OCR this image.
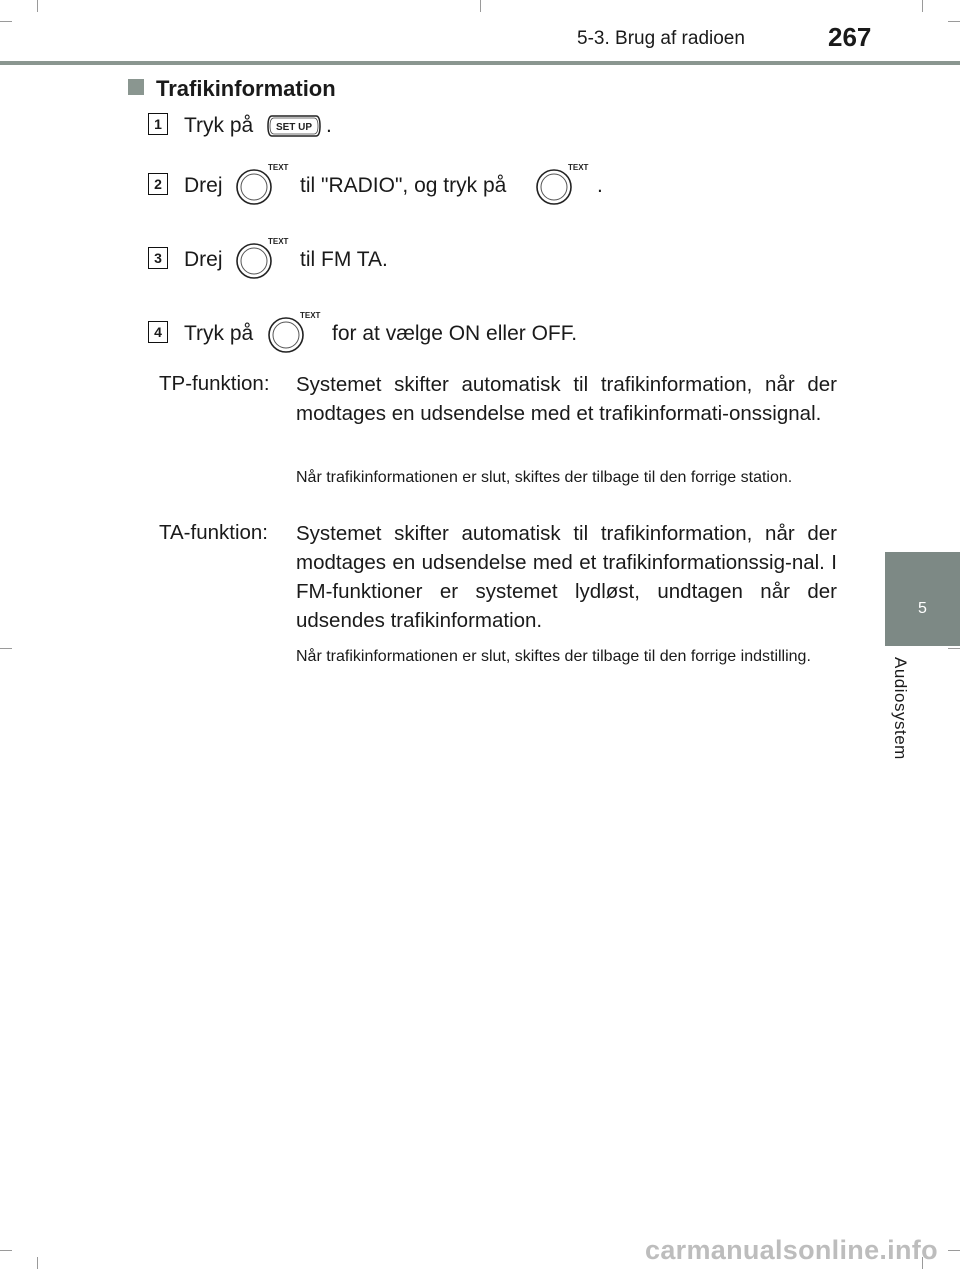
5-3. Brug af radioen	267
5
Audiosystem
Trafikinformation
1 Tryk på SET UP .
2 Drej
TEXT
til "RADIO", og tryk på
TEXT
.
3 Drej
TEXT
til FM TA.
4 Tryk på
TEXT
for at vælge ON eller OFF.
TP-funktion: Systemet skifter automatisk til trafikinformation, når der modtages en udsendelse med et trafikinformati-onssignal.
Når trafikinformationen er slut, skiftes der tilbage til den forrige station.
TA-funktion: Systemet skifter automatisk til trafikinformation, når der modtages en udsendelse med et trafikinformationssig-nal. I FM-funktioner er systemet lydløst, undtagen når der udsendes trafikinformation.
Når trafikinformationen er slut, skiftes der tilbage til den forrige indstilling.
carmanualsonline.info
